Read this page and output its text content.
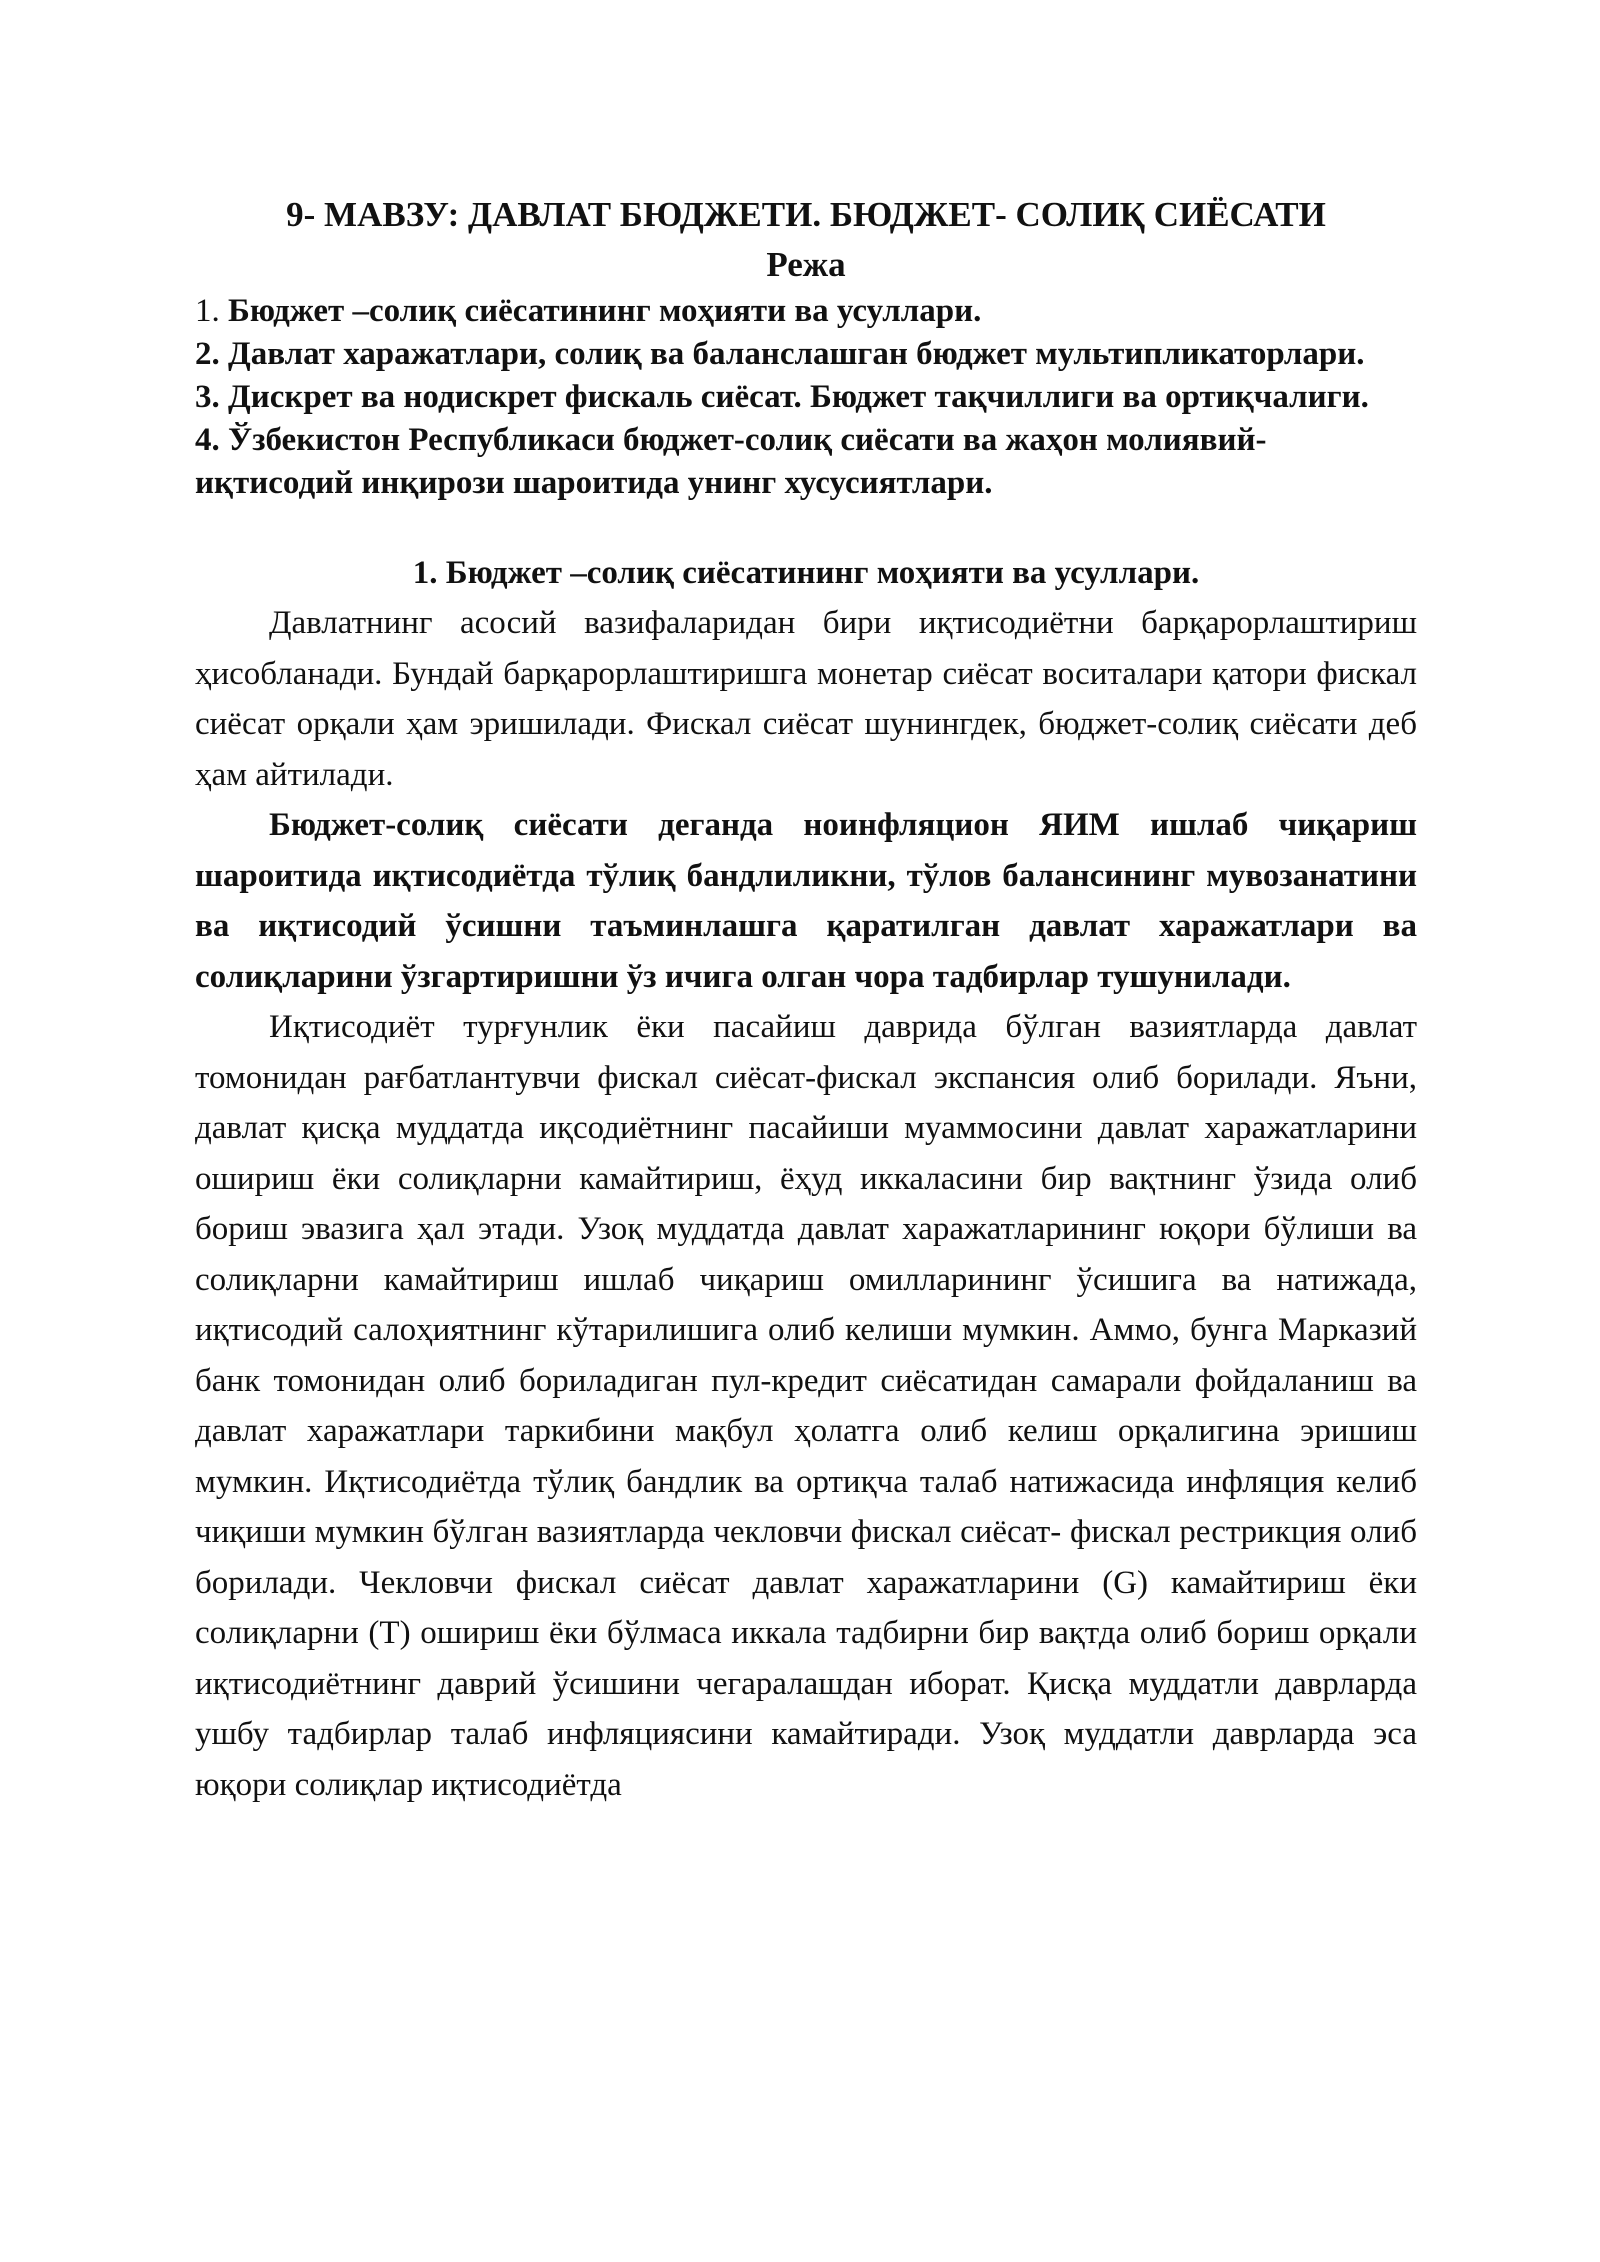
9- МАВЗУ: ДАВЛАТ БЮДЖЕТИ. БЮДЖЕТ- СОЛИҚ СИЁСАТИ
Режа
1. Бюджет –солиқ сиёсатининг моҳияти ва усуллари.
2. Давлат харажатлари, солиқ ва баланслашган бюджет мультипликаторлари.
3. Дискрет ва нодискрет фискаль сиёсат. Бюджет тақчиллиги ва ортиқчалиги.
4. Ўзбекистон Республикаси бюджет-солиқ сиёсати ва жаҳон молиявий-иқтисодий инқирози шароитида унинг хусусиятлари.
1. Бюджет –солиқ сиёсатининг моҳияти ва усуллари.

Давлатнинг асосий вазифаларидан бири иқтисодиётни барқарорлаштириш ҳисобланади. Бундай барқарорлаштиришга монетар сиёсат воситалари қатори фискал сиёсат орқали ҳам эришилади. Фискал сиёсат шунингдек, бюджет-солиқ сиёсати деб ҳам айтилади.

Бюджет-солиқ сиёсати деганда ноинфляцион ЯИМ ишлаб чиқариш шароитида иқтисодиётда тўлиқ бандлиликни, тўлов балансининг мувозанатини ва иқтисодий ўсишни таъминлашга қаратилган давлат харажатлари ва солиқларини ўзгартиришни ўз ичига олган чора тадбирлар тушунилади.

Иқтисодиёт турғунлик ёки пасайиш даврида бўлган вазиятларда давлат томонидан рағбатлантувчи фискал сиёсат-фискал экспансия олиб борилади. Яъни, давлат қисқа муддатда иқсодиётнинг пасайиши муаммосини давлат харажатларини ошириш ёки солиқларни камайтириш, ёҳуд иккаласини бир вақтнинг ўзида олиб бориш эвазига ҳал этади. Узоқ муддатда давлат харажатларининг юқори бўлиши ва солиқларни камайтириш ишлаб чиқариш омилларининг ўсишига ва натижада, иқтисодий салоҳиятнинг кўтарилишига олиб келиши мумкин. Аммо, бунга Марказий банк томонидан олиб бориладиган пул-кредит сиёсатидан самарали фойдаланиш ва давлат харажатлари таркибини мақбул ҳолатга олиб келиш орқалигина эришиш мумкин. Иқтисодиётда тўлиқ бандлик ва ортиқча талаб натижасида инфляция келиб чиқиши мумкин бўлган вазиятларда чекловчи фискал сиёсат- фискал рестрикция олиб борилади. Чекловчи фискал сиёсат давлат харажатларини (G) камайтириш ёки солиқларни (T) ошириш ёки бўлмаса иккала тадбирни бир вақтда олиб бориш орқали иқтисодиётнинг даврий ўсишини чегаралашдан иборат. Қисқа муддатли даврларда ушбу тадбирлар талаб инфляциясини камайтиради. Узоқ муддатли даврларда эса юқори солиқлар иқтисодиётда
